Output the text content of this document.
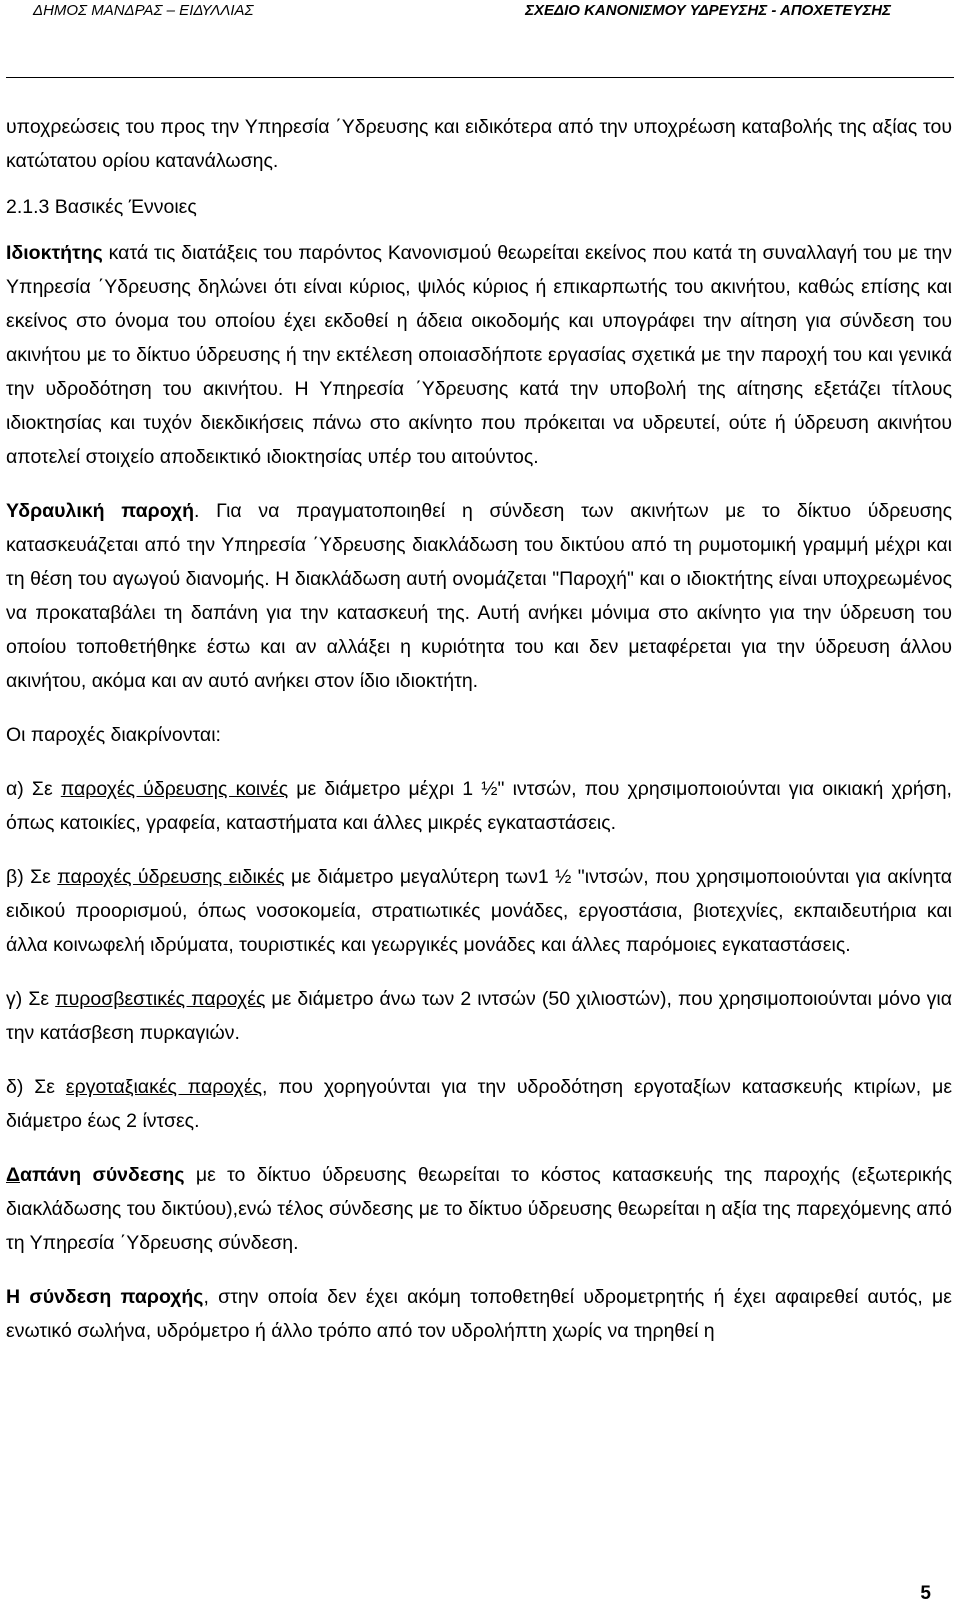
ΔΗΜΟΣ ΜΑΝΔΡΑΣ – ΕΙΔΥΛΛΙΑΣ	ΣΧΕΔΙΟ ΚΑΝΟΝΙΣΜΟΥ ΥΔΡΕΥΣΗΣ - ΑΠΟΧΕΤΕΥΣΗΣ

υποχρεώσεις του προς την Υπηρεσία ΄Υδρευσης και ειδικότερα από την υποχρέωση καταβολής της αξίας του κατώτατου ορίου κατανάλωσης.

2.1.3 Βασικές Έννοιες

Ιδιοκτήτης κατά τις διατάξεις του παρόντος Κανονισμού θεωρείται εκείνος που κατά τη συναλλαγή του με την Υπηρεσία ΄Υδρευσης δηλώνει ότι είναι κύριος, ψιλός κύριος ή επικαρπωτής του ακινήτου, καθώς επίσης και εκείνος στο όνομα του οποίου έχει εκδοθεί η άδεια οικοδομής και υπογράφει την αίτηση για σύνδεση του ακινήτου με το δίκτυο ύδρευσης ή την εκτέλεση οποιασδήποτε εργασίας σχετικά με την παροχή του και γενικά την υδροδότηση του ακινήτου. Η Υπηρεσία ΄Υδρευσης κατά την υποβολή της αίτησης εξετάζει τίτλους ιδιοκτησίας και τυχόν διεκδικήσεις πάνω στο ακίνητο που πρόκειται να υδρευτεί, ούτε ή ύδρευση ακινήτου αποτελεί στοιχείο αποδεικτικό ιδιοκτησίας υπέρ του αιτούντος.

Υδραυλική παροχή. Για να πραγματοποιηθεί η σύνδεση των ακινήτων με το δίκτυο ύδρευσης κατασκευάζεται από την Υπηρεσία ΄Υδρευσης διακλάδωση του δικτύου από τη ρυμοτομική γραμμή μέχρι και τη θέση του αγωγού διανομής. Η διακλάδωση αυτή ονομάζεται "Παροχή" και ο ιδιοκτήτης είναι υποχρεωμένος να προκαταβάλει τη δαπάνη για την κατασκευή της. Αυτή ανήκει μόνιμα στο ακίνητο για την ύδρευση του οποίου τοποθετήθηκε έστω και αν αλλάξει η κυριότητα του και δεν μεταφέρεται για την ύδρευση άλλου ακινήτου, ακόμα και αν αυτό ανήκει στον ίδιο ιδιοκτήτη.

Οι παροχές διακρίνονται:

α) Σε παροχές ύδρευσης κοινές με διάμετρο μέχρι 1 ½" ιντσών, που χρησιμοποιούνται για οικιακή χρήση, όπως κατοικίες, γραφεία, καταστήματα και άλλες μικρές εγκαταστάσεις.

β) Σε παροχές ύδρευσης ειδικές με διάμετρο μεγαλύτερη των1 ½ "ιντσών, που χρησιμοποιούνται για ακίνητα ειδικού προορισμού, όπως νοσοκομεία, στρατιωτικές μονάδες, εργοστάσια, βιοτεχνίες, εκπαιδευτήρια και άλλα κοινωφελή ιδρύματα, τουριστικές και γεωργικές μονάδες και άλλες παρόμοιες εγκαταστάσεις.

γ) Σε πυροσβεστικές παροχές με διάμετρο άνω των 2 ιντσών (50 χιλιοστών), που χρησιμοποιούνται μόνο για την κατάσβεση πυρκαγιών.

δ) Σε εργοταξιακές παροχές, που χορηγούνται για την υδροδότηση εργοταξίων κατασκευής κτιρίων, με διάμετρο έως 2 ίντσες.

Δαπάνη σύνδεσης με το δίκτυο ύδρευσης θεωρείται το κόστος κατασκευής της παροχής (εξωτερικής διακλάδωσης του δικτύου),ενώ τέλος σύνδεσης με το δίκτυο ύδρευσης θεωρείται η αξία της παρεχόμενης από τη Υπηρεσία ΄Υδρευσης σύνδεση.

Η σύνδεση παροχής, στην οποία δεν έχει ακόμη τοποθετηθεί υδρομετρητής ή έχει αφαιρεθεί αυτός, με ενωτικό σωλήνα, υδρόμετρο ή άλλο τρόπο από τον υδρολήπτη χωρίς να τηρηθεί η

5
